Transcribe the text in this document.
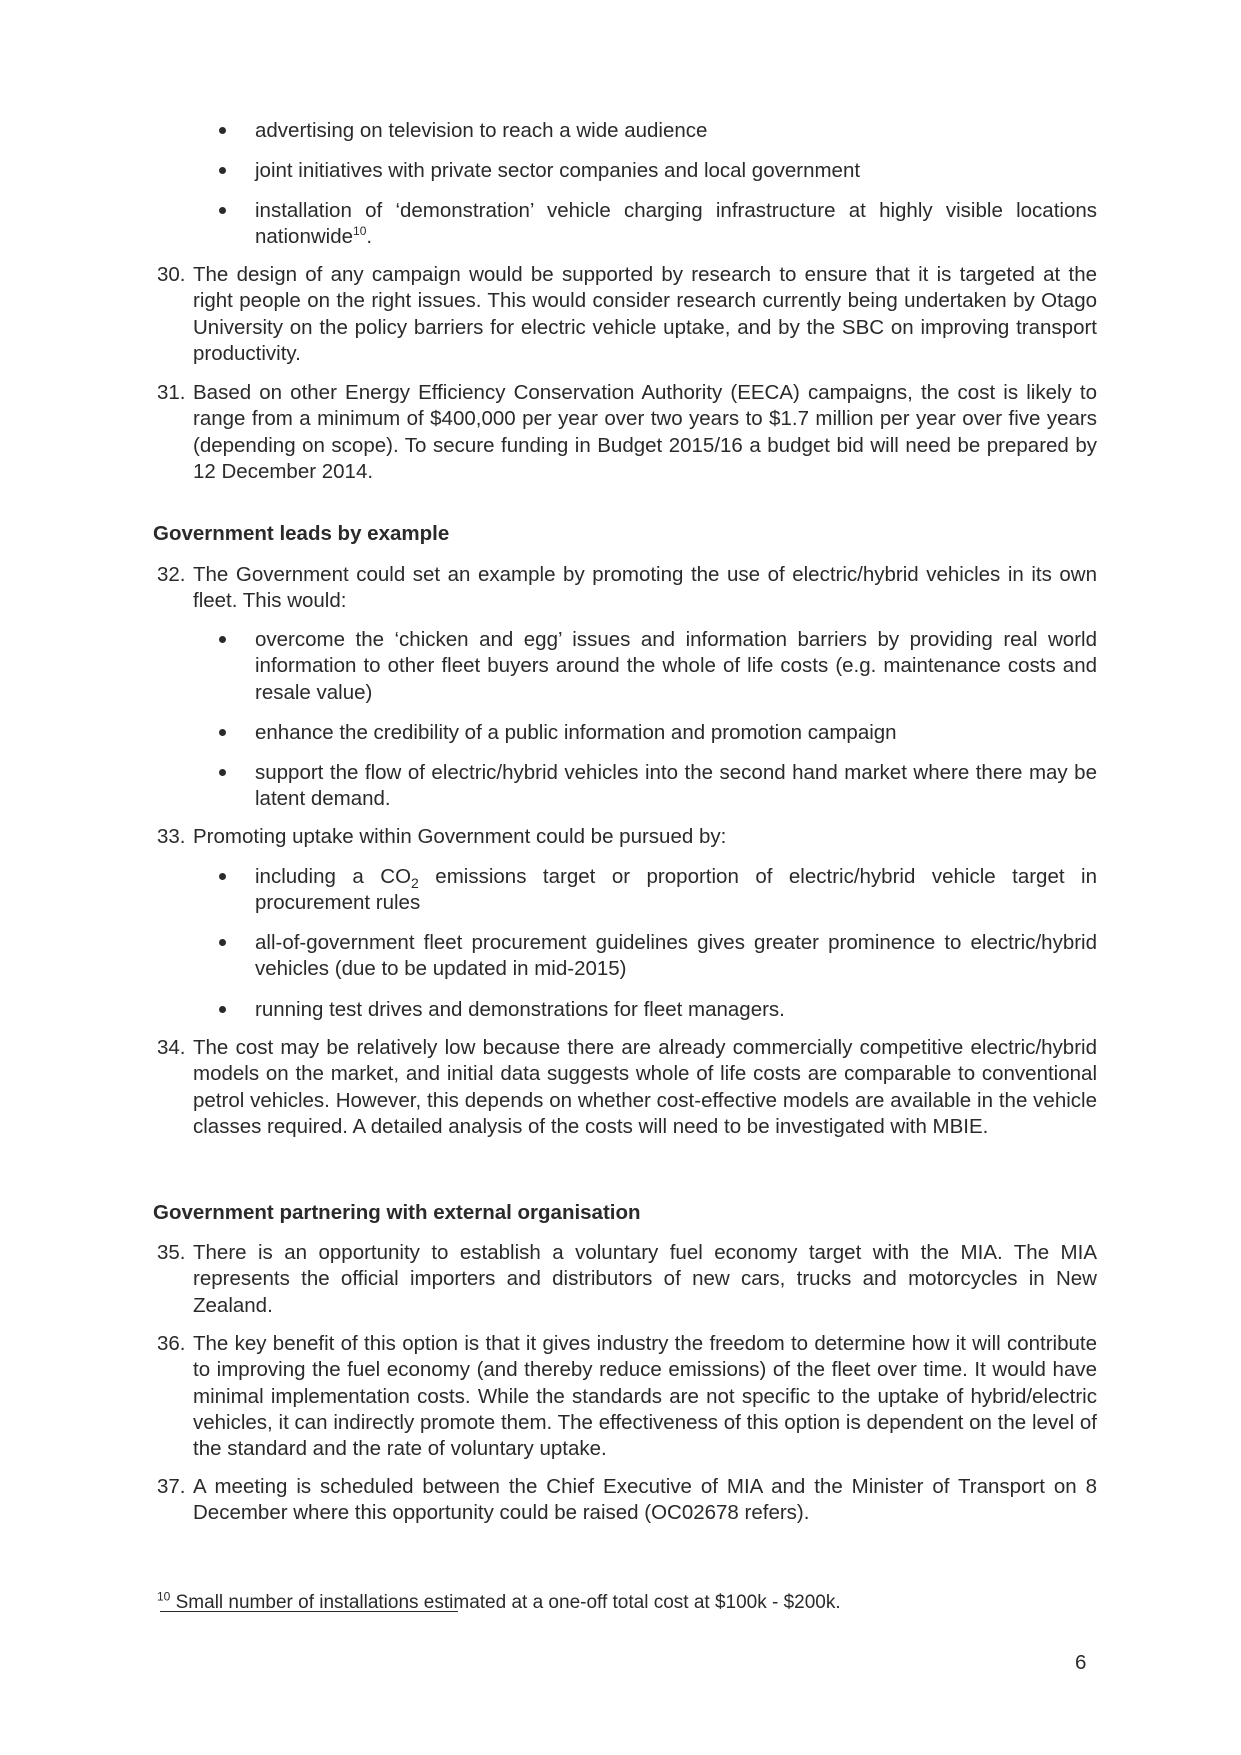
advertising on television to reach a wide audience
joint initiatives with private sector companies and local government
installation of ‘demonstration’ vehicle charging infrastructure at highly visible locations nationwide$^{10}$.
30. The design of any campaign would be supported by research to ensure that it is targeted at the right people on the right issues. This would consider research currently being undertaken by Otago University on the policy barriers for electric vehicle uptake, and by the SBC on improving transport productivity.
31. Based on other Energy Efficiency Conservation Authority (EECA) campaigns, the cost is likely to range from a minimum of $400,000 per year over two years to $1.7 million per year over five years (depending on scope). To secure funding in Budget 2015/16 a budget bid will need be prepared by 12 December 2014.
Government leads by example
32. The Government could set an example by promoting the use of electric/hybrid vehicles in its own fleet. This would:
overcome the ‘chicken and egg’ issues and information barriers by providing real world information to other fleet buyers around the whole of life costs (e.g. maintenance costs and resale value)
enhance the credibility of a public information and promotion campaign
support the flow of electric/hybrid vehicles into the second hand market where there may be latent demand.
33. Promoting uptake within Government could be pursued by:
including a $CO_2$ emissions target or proportion of electric/hybrid vehicle target in procurement rules
all-of-government fleet procurement guidelines gives greater prominence to electric/hybrid vehicles (due to be updated in mid-2015)
running test drives and demonstrations for fleet managers.
34. The cost may be relatively low because there are already commercially competitive electric/hybrid models on the market, and initial data suggests whole of life costs are comparable to conventional petrol vehicles. However, this depends on whether cost-effective models are available in the vehicle classes required. A detailed analysis of the costs will need to be investigated with MBIE.
Government partnering with external organisation
35. There is an opportunity to establish a voluntary fuel economy target with the MIA. The MIA represents the official importers and distributors of new cars, trucks and motorcycles in New Zealand.
36. The key benefit of this option is that it gives industry the freedom to determine how it will contribute to improving the fuel economy (and thereby reduce emissions) of the fleet over time. It would have minimal implementation costs. While the standards are not specific to the uptake of hybrid/electric vehicles, it can indirectly promote them. The effectiveness of this option is dependent on the level of the standard and the rate of voluntary uptake.
37. A meeting is scheduled between the Chief Executive of MIA and the Minister of Transport on 8 December where this opportunity could be raised (OC02678 refers).
$^{10}$ Small number of installations estimated at a one-off total cost at $100k - $200k.
6
